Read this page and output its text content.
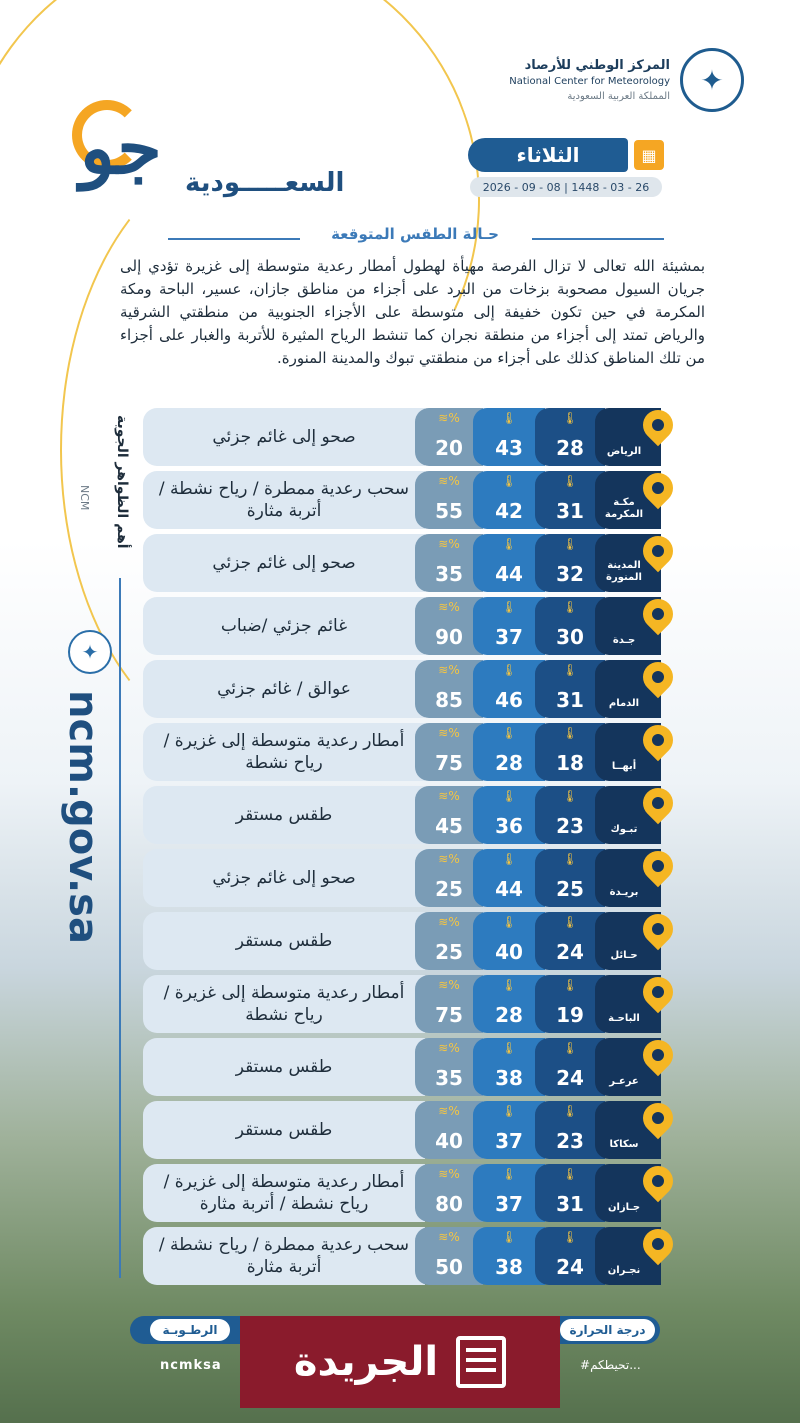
✦
المركز الوطني للأرصاد
National Center for Meteorology
المملكة العربية السعودية
جو السعـــــودية
الثلاثاء	▦
2026 - 09 - 08 | 1448 - 03 - 26
حـالة الطقس المتوقعة
بمشيئة الله تعالى لا تزال الفرصة مهيأة لهطول أمطار رعدية متوسطة إلى غزيرة تؤدي إلى جريان السيول مصحوبة بزخات من البرد على أجزاء من مناطق جازان، عسير، الباحة ومكة المكرمة في حين تكون خفيفة إلى متوسطة على الأجزاء الجنوبية من منطقتي الشرقية والرياض تمتد إلى أجزاء من منطقة نجران كما تنشط الرياح المثيرة للأتربة والغبار على أجزاء من تلك المناطق كذلك على أجزاء من منطقتي تبوك والمدينة المنورة.
أهم الظواهر الجوية
NCM
✦
ncm.gov.sa
صحو إلى غائم جزئي
≋%
20
🌡
43
🌡
28	الرياض
سحب رعدية ممطرة / رياح نشطة / أتربة مثارة
≋%
55
🌡
42
🌡
31	مكـة المكرمة
صحو إلى غائم جزئي
≋%
35
🌡
44
🌡
32	المدينة المنورة
غائم جزئي /ضباب
≋%
90
🌡
37
🌡
30	جـدة
عوالق / غائم جزئي
≋%
85
🌡
46
🌡
31	الدمام
أمطار رعدية متوسطة إلى غزيرة / رياح نشطة
≋%
75
🌡
28
🌡
18	أبهــا
طقس مستقر
≋%
45
🌡
36
🌡
23	تبـوك
صحو إلى غائم جزئي
≋%
25
🌡
44
🌡
25	بريـدة
طقس مستقر
≋%
25
🌡
40
🌡
24	حـائل
أمطار رعدية متوسطة إلى غزيرة / رياح نشطة
≋%
75
🌡
28
🌡
19	الباحـة
طقس مستقر
≋%
35
🌡
38
🌡
24	عرعـر
طقس مستقر
≋%
40
🌡
37
🌡
23	سكاكا
أمطار رعدية متوسطة إلى غزيرة / رياح نشطة / أتربة مثارة
≋%
80
🌡
37
🌡
31	جـازان
سحب رعدية ممطرة / رياح نشطة / أتربة مثارة
≋%
50
🌡
38
🌡
24	نجـران
الرطـوبـة	درجة الحرارة
ncmksa	#تحيطكم...
الجريدة
